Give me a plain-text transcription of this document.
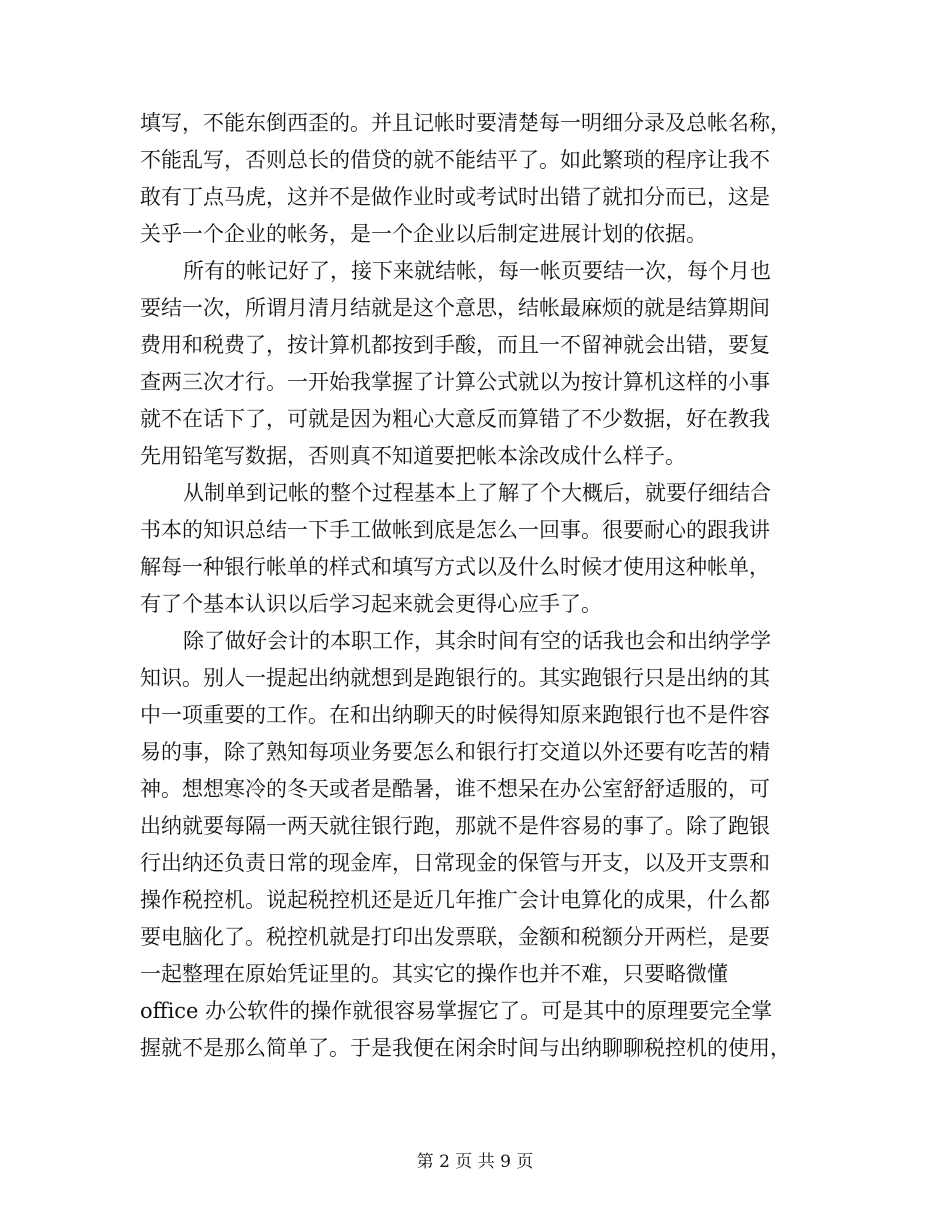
填写，不能东倒西歪的。并且记帐时要清楚每一明细分录及总帐名称，
不能乱写，否则总长的借贷的就不能结平了。如此繁琐的程序让我不
敢有丁点马虎，这并不是做作业时或考试时出错了就扣分而已，这是
关乎一个企业的帐务，是一个企业以后制定进展计划的依据。
所有的帐记好了，接下来就结帐，每一帐页要结一次，每个月也
要结一次，所谓月清月结就是这个意思，结帐最麻烦的就是结算期间
费用和税费了，按计算机都按到手酸，而且一不留神就会出错，要复
查两三次才行。一开始我掌握了计算公式就以为按计算机这样的小事
就不在话下了，可就是因为粗心大意反而算错了不少数据，好在教我
先用铅笔写数据，否则真不知道要把帐本涂改成什么样子。
从制单到记帐的整个过程基本上了解了个大概后，就要仔细结合
书本的知识总结一下手工做帐到底是怎么一回事。很要耐心的跟我讲
解每一种银行帐单的样式和填写方式以及什么时候才使用这种帐单，
有了个基本认识以后学习起来就会更得心应手了。
除了做好会计的本职工作，其余时间有空的话我也会和出纳学学
知识。别人一提起出纳就想到是跑银行的。其实跑银行只是出纳的其
中一项重要的工作。在和出纳聊天的时候得知原来跑银行也不是件容
易的事，除了熟知每项业务要怎么和银行打交道以外还要有吃苦的精
神。想想寒冷的冬天或者是酷暑，谁不想呆在办公室舒舒适服的，可
出纳就要每隔一两天就往银行跑，那就不是件容易的事了。除了跑银
行出纳还负责日常的现金库，日常现金的保管与开支，以及开支票和
操作税控机。说起税控机还是近几年推广会计电算化的成果，什么都
要电脑化了。税控机就是打印出发票联，金额和税额分开两栏，是要
一起整理在原始凭证里的。其实它的操作也并不难，只要略微懂
office 办公软件的操作就很容易掌握它了。可是其中的原理要完全掌
握就不是那么简单了。于是我便在闲余时间与出纳聊聊税控机的使用，
第 2 页 共 9 页
